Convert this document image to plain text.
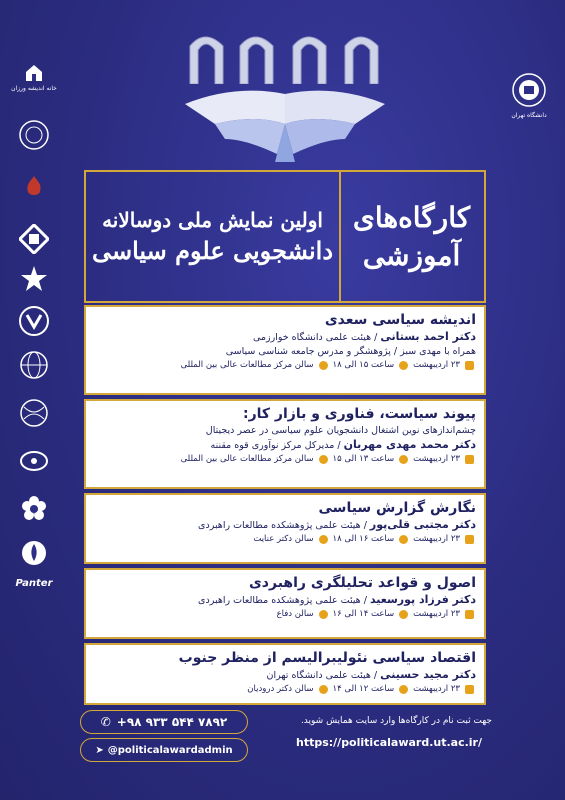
خانه اندیشه ورزان
Panter
دانشگاه تهران
اولین نمایش ملی دوسالانه
دانشجویی علوم سیاسی
کارگاه‌های
آموزشی
اندیشه سیاسی سعدی
دکتر احمد بستانی / هیئت علمی دانشگاه خوارزمی
همراه با مهدی سبز / پژوهشگر و مدرس جامعه شناسی سیاسی
۲۳ اردیبهشت
ساعت ۱۵ الی ۱۸
سالن مرکز مطالعات عالی بین المللی
پیوند سیاست، فناوری و بازار کار:
چشم‌اندازهای نوین اشتغال دانشجویان علوم سیاسی در عصر دیجیتال
دکتر محمد مهدی مهربان / مدیرکل مرکز نوآوری قوه مقننه
۲۳ اردیبهشت
ساعت ۱۳ الی ۱۵
سالن مرکز مطالعات عالی بین المللی
نگارش گزارش سیاسی
دکتر مجتبی قلی‌پور / هیئت علمی پژوهشکده مطالعات راهبردی
۲۳ اردیبهشت
ساعت ۱۶ الی ۱۸
سالن دکتر عنایت
اصول و قواعد تحلیلگری راهبردی
دکتر فرزاد پورسعید / هیئت علمی پژوهشکده مطالعات راهبردی
۲۳ اردیبهشت
ساعت ۱۴ الی ۱۶
سالن دفاع
اقتصاد سیاسی نئولیبرالیسم از منظر جنوب
دکتر مجید حسینی / هیئت علمی دانشگاه تهران
۲۳ اردیبهشت
ساعت ۱۲ الی ۱۴
سالن دکتر درودیان
✆ +۹۸ ۹۳۳ ۵۴۴ ۷۸۹۲
➤ @politicalawardadmin
جهت ثبت نام در کارگاه‌ها وارد سایت همایش شوید.
https://politicalaward.ut.ac.ir/
